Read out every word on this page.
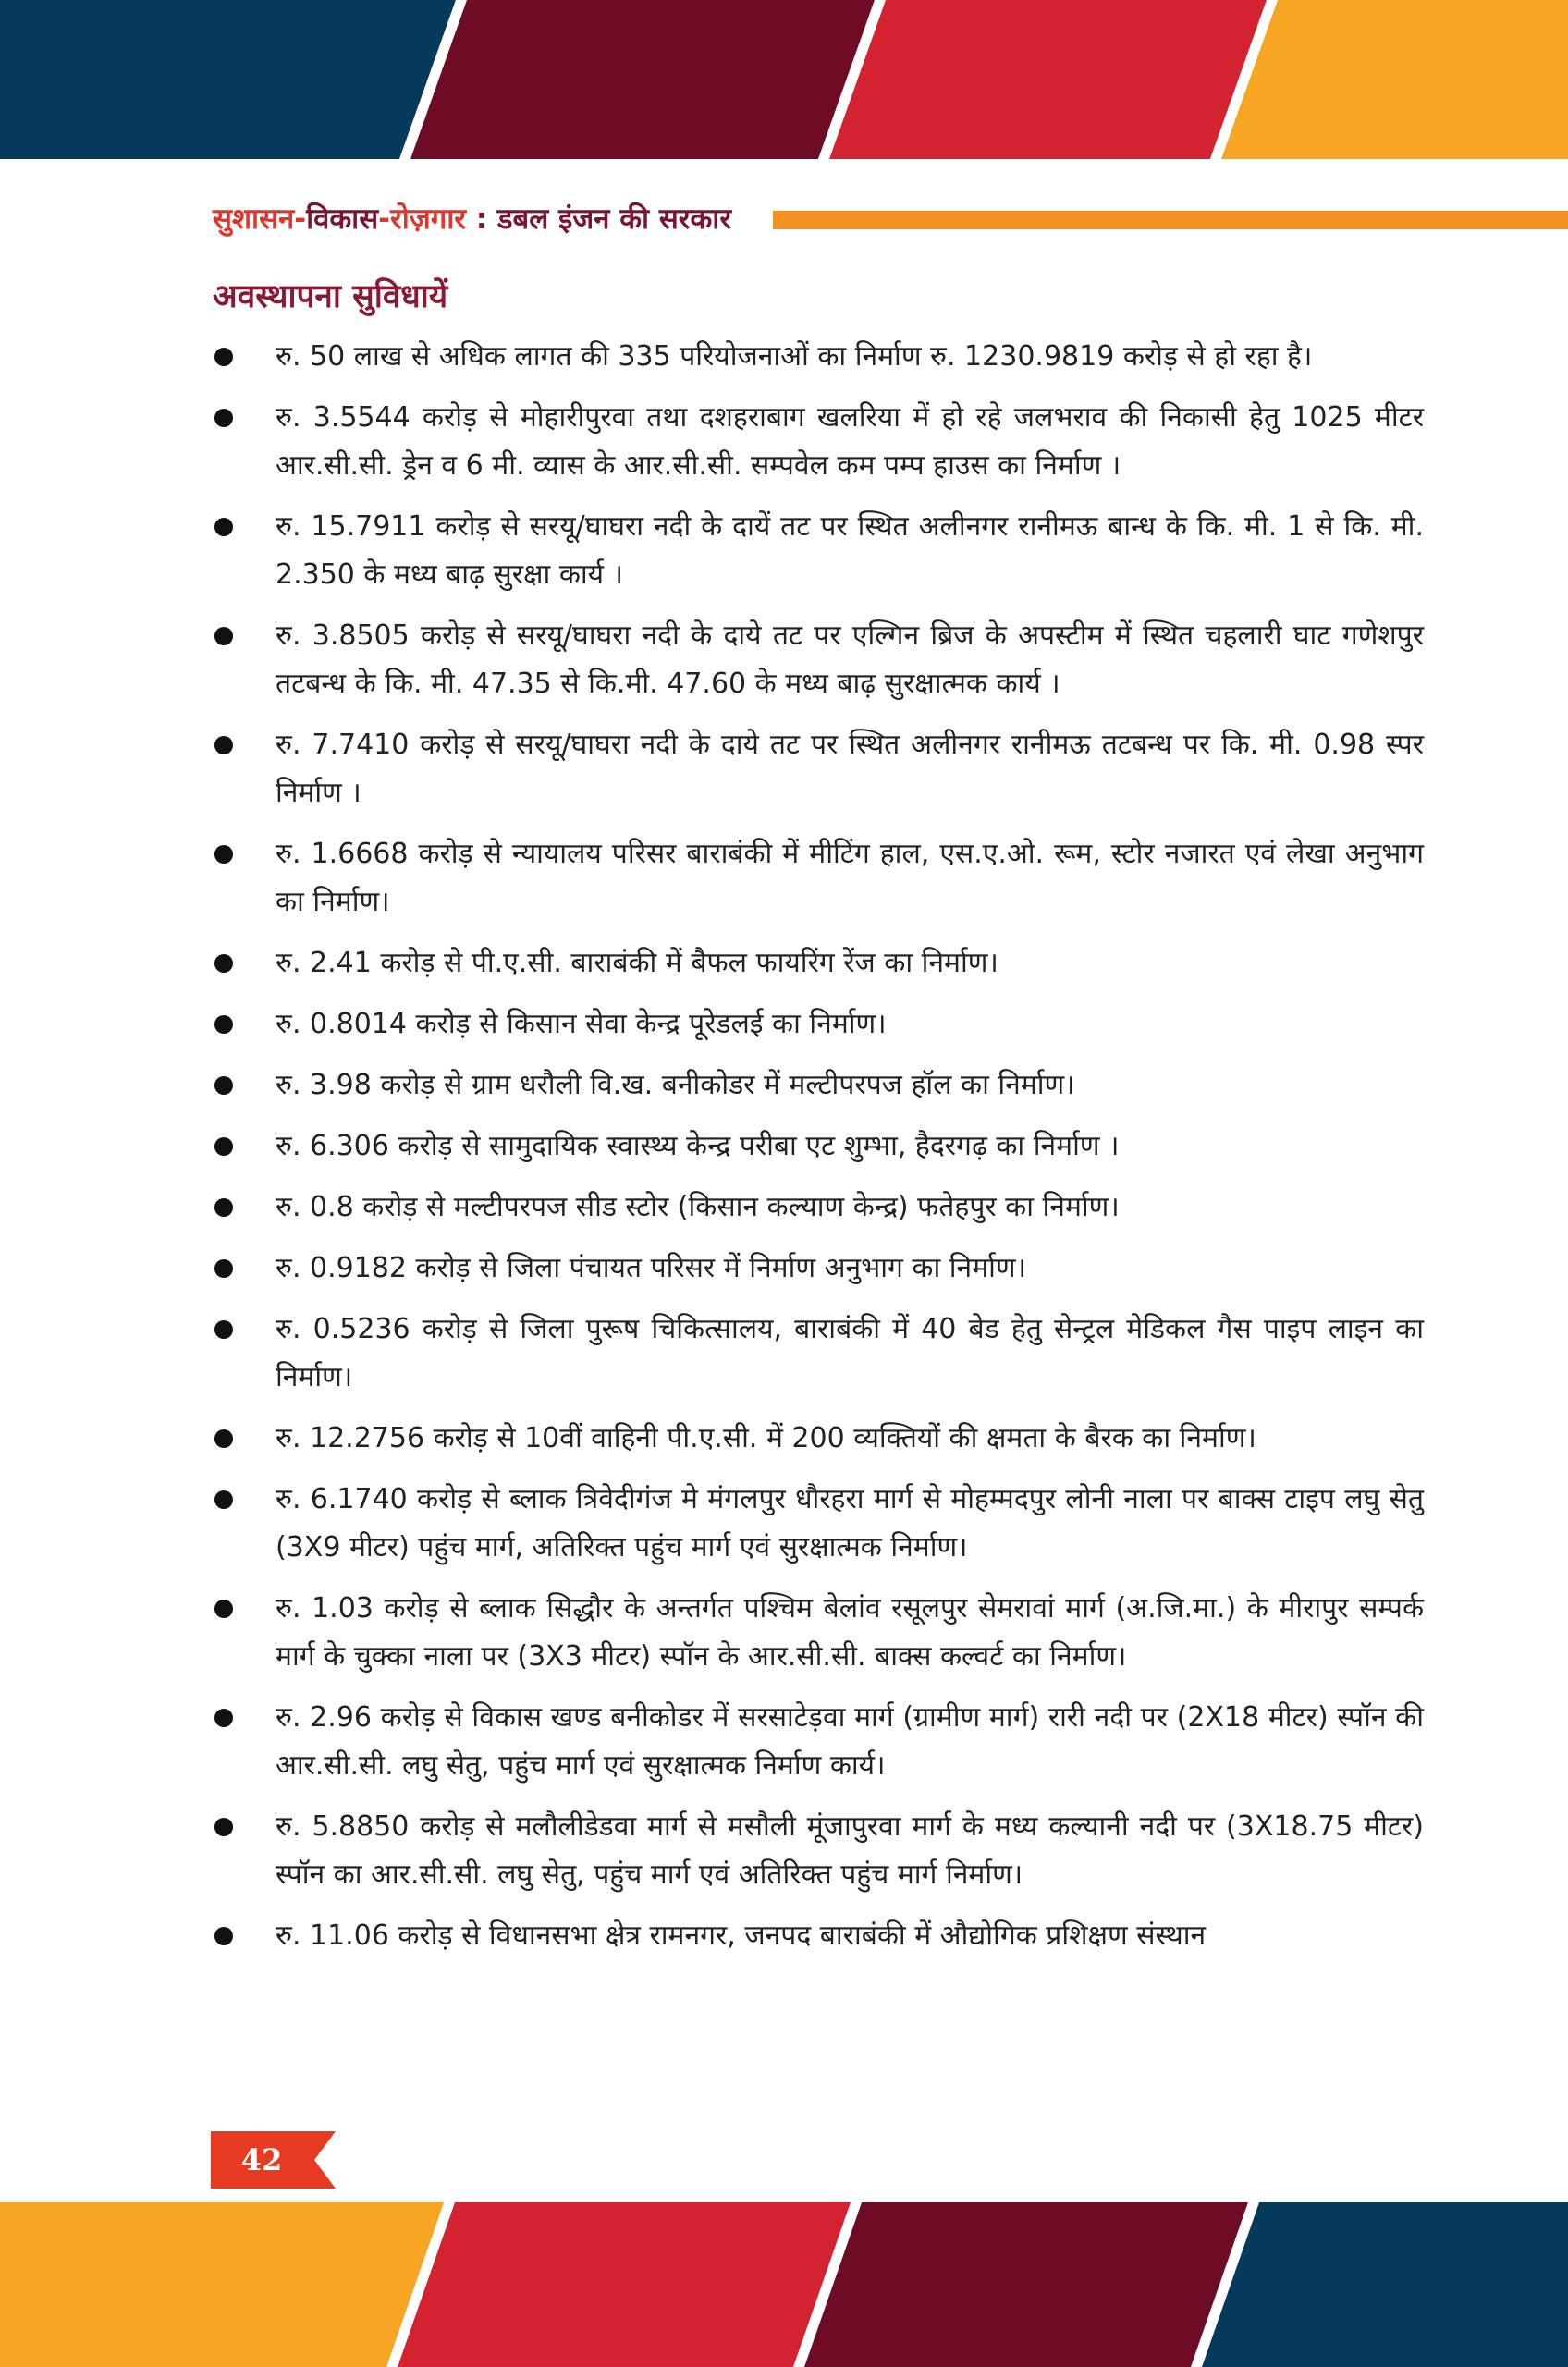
सुशासन-विकास-रोज़गार : डबल इंजन की सरकार
अवस्थापना सुविधायें
रु. 50 लाख से अधिक लागत की 335 परियोजनाओं का निर्माण रु. 1230.9819 करोड़ से हो रहा है।
रु. 3.5544 करोड़ से मोहारीपुरवा तथा दशहराबाग खलरिया में हो रहे जलभराव की निकासी हेतु 1025 मीटर आर.सी.सी. ड्रेन व 6 मी. व्यास के आर.सी.सी. सम्पवेल कम पम्प हाउस का निर्माण ।
रु. 15.7911 करोड़ से सरयू/घाघरा नदी के दायें तट पर स्थित अलीनगर रानीमऊ बान्ध के कि. मी. 1 से कि. मी. 2.350 के मध्य बाढ़ सुरक्षा कार्य ।
रु. 3.8505 करोड़ से सरयू/घाघरा नदी के दाये तट पर एल्गिन ब्रिज के अपस्टीम में स्थित चहलारी घाट गणेशपुर तटबन्ध के कि. मी. 47.35 से कि.मी. 47.60 के मध्य बाढ़ सुरक्षात्मक कार्य ।
रु. 7.7410 करोड़ से सरयू/घाघरा नदी के दाये तट पर स्थित अलीनगर रानीमऊ तटबन्ध पर कि. मी. 0.98 स्पर निर्माण ।
रु. 1.6668 करोड़ से न्यायालय परिसर बाराबंकी में मीटिंग हाल, एस.ए.ओ. रूम, स्टोर नजारत एवं लेखा अनुभाग का निर्माण।
रु. 2.41 करोड़ से पी.ए.सी. बाराबंकी में बैफल फायरिंग रेंज का निर्माण।
रु. 0.8014 करोड़ से किसान सेवा केन्द्र पूरेडलई का निर्माण।
रु. 3.98 करोड़ से ग्राम धरौली वि.ख. बनीकोडर में मल्टीपरपज हॉल का निर्माण।
रु. 6.306 करोड़ से सामुदायिक स्वास्थ्य केन्द्र परीबा एट शुम्भा, हैदरगढ़ का निर्माण ।
रु. 0.8 करोड़ से मल्टीपरपज सीड स्टोर (किसान कल्याण केन्द्र) फतेहपुर का निर्माण।
रु. 0.9182 करोड़ से जिला पंचायत परिसर में निर्माण अनुभाग का निर्माण।
रु. 0.5236 करोड़ से जिला पुरूष चिकित्सालय, बाराबंकी में 40 बेड हेतु सेन्ट्रल मेडिकल गैस पाइप लाइन का निर्माण।
रु. 12.2756 करोड़ से 10वीं वाहिनी पी.ए.सी. में 200 व्यक्तियों की क्षमता के बैरक का निर्माण।
रु. 6.1740 करोड़ से ब्लाक त्रिवेदीगंज मे मंगलपुर धौरहरा मार्ग से मोहम्मदपुर लोनी नाला पर बाक्स टाइप लघु सेतु (3X9 मीटर) पहुंच मार्ग, अतिरिक्त पहुंच मार्ग एवं सुरक्षात्मक निर्माण।
रु. 1.03 करोड़ से ब्लाक सिद्धौर के अन्तर्गत पश्चिम बेलांव रसूलपुर सेमरावां मार्ग (अ.जि.मा.) के मीरापुर सम्पर्क मार्ग के चुक्का नाला पर (3X3 मीटर) स्पॉन के आर.सी.सी. बाक्स कल्वर्ट का निर्माण।
रु. 2.96 करोड़ से विकास खण्ड बनीकोडर में सरसाटेड़वा मार्ग (ग्रामीण मार्ग) रारी नदी पर (2X18 मीटर) स्पॉन की आर.सी.सी. लघु सेतु, पहुंच मार्ग एवं सुरक्षात्मक निर्माण कार्य।
रु. 5.8850 करोड़ से मलौलीडेडवा मार्ग से मसौली मूंजापुरवा मार्ग के मध्य कल्यानी नदी पर (3X18.75 मीटर) स्पॉन का आर.सी.सी. लघु सेतु, पहुंच मार्ग एवं अतिरिक्त पहुंच मार्ग निर्माण।
रु. 11.06 करोड़ से विधानसभा क्षेत्र रामनगर, जनपद बाराबंकी में औद्योगिक प्रशिक्षण संस्थान
42
